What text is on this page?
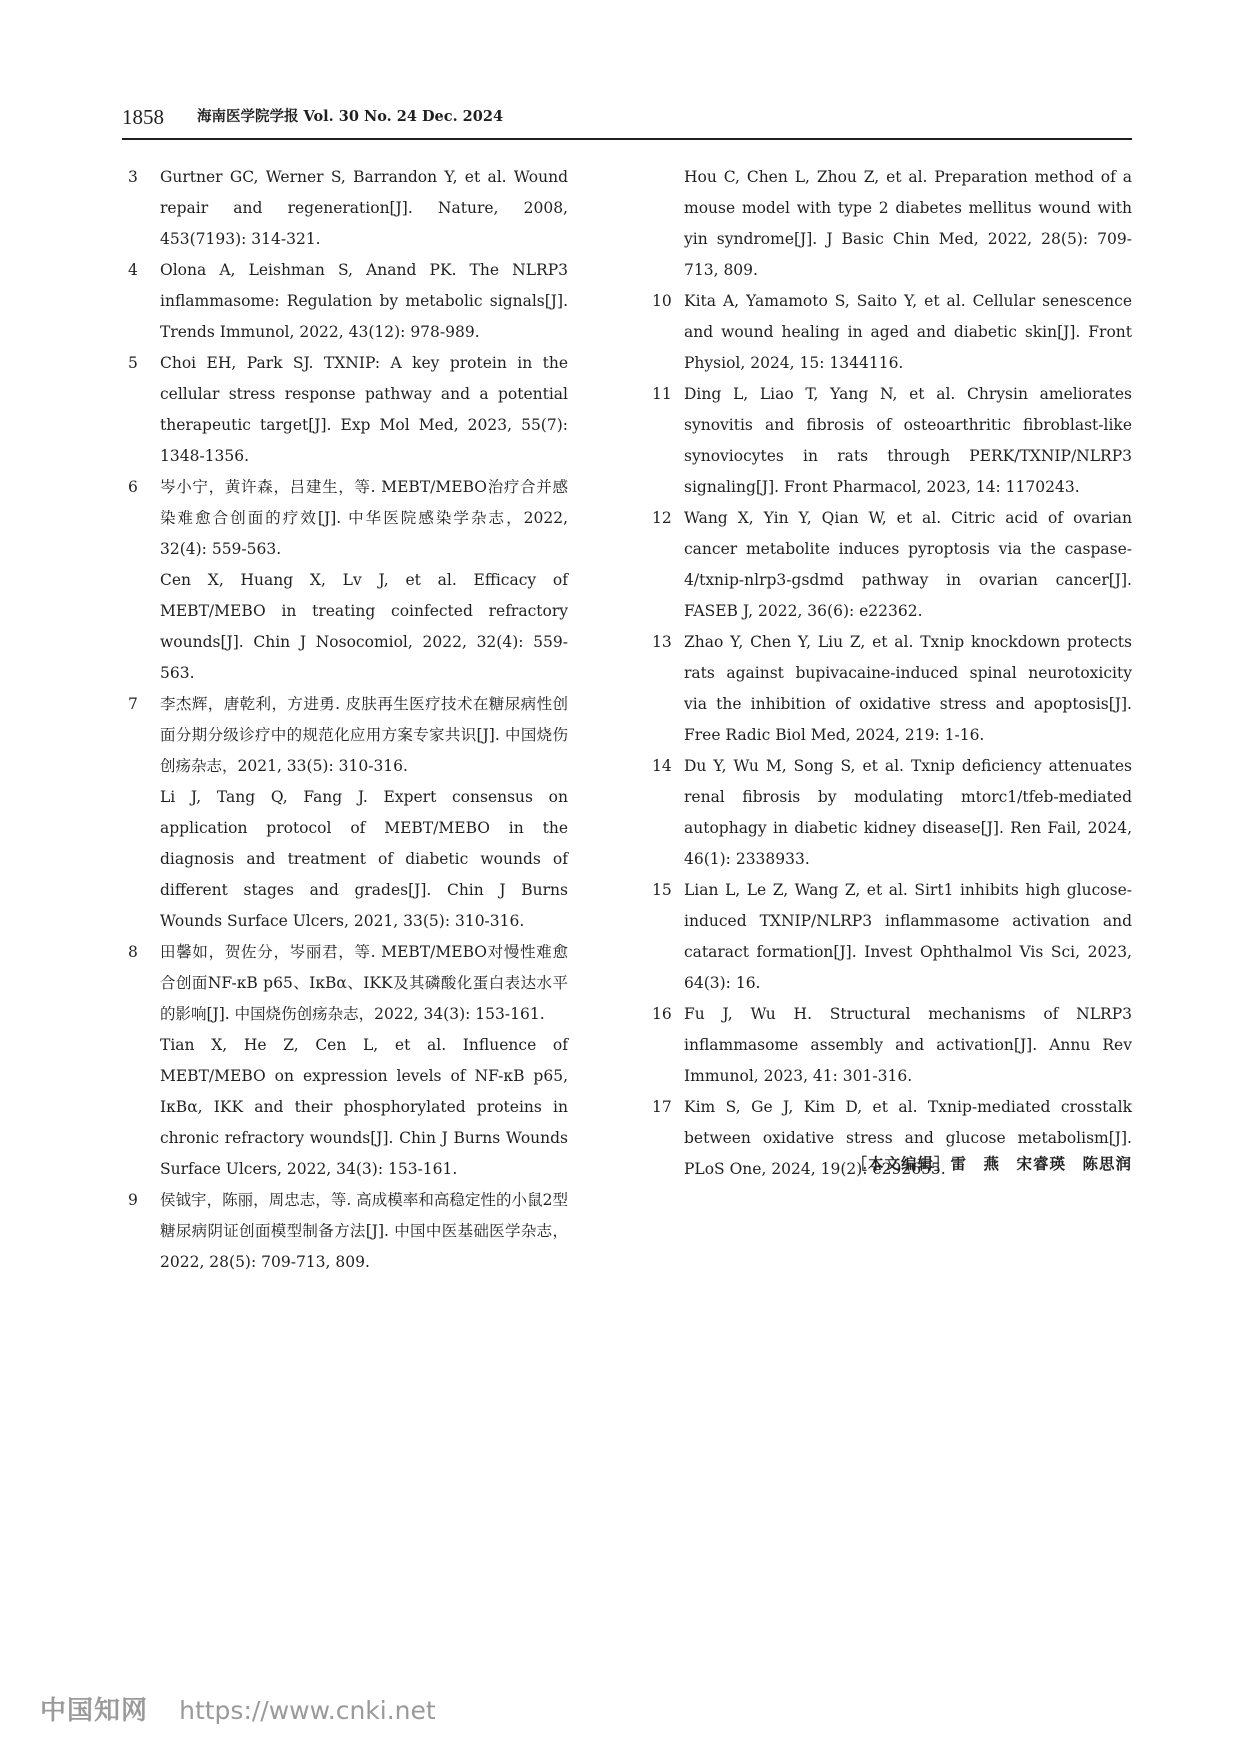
1858 海南医学院学报 Vol. 30 No. 24 Dec. 2024
3 Gurtner GC, Werner S, Barrandon Y, et al. Wound repair and regeneration[J]. Nature, 2008, 453(7193): 314-321.
4 Olona A, Leishman S, Anand PK. The NLRP3 inflammasome: Regulation by metabolic signals[J]. Trends Immunol, 2022, 43(12): 978-989.
5 Choi EH, Park SJ. TXNIP: A key protein in the cellular stress response pathway and a potential therapeutic target[J]. Exp Mol Med, 2023, 55(7): 1348-1356.
6 岑小宁，黄许森，吕建生，等. MEBT/MEBO治疗合并感染难愈合创面的疗效[J]. 中华医院感染学杂志，2022, 32(4): 559-563.
Cen X, Huang X, Lv J, et al. Efficacy of MEBT/MEBO in treating coinfected refractory wounds[J]. Chin J Nosocomiol, 2022, 32(4): 559-563.
7 李杰辉，唐乾利，方进勇. 皮肤再生医疗技术在糖尿病性创面分期分级诊疗中的规范化应用方案专家共识[J]. 中国烧伤创疡杂志，2021, 33(5): 310-316.
Li J, Tang Q, Fang J. Expert consensus on application protocol of MEBT/MEBO in the diagnosis and treatment of diabetic wounds of different stages and grades[J]. Chin J Burns Wounds Surface Ulcers, 2021, 33(5): 310-316.
8 田馨如，贺佐分，岑丽君，等. MEBT/MEBO对慢性难愈合创面NF-κB p65、IκBα、IKK及其磷酸化蛋白表达水平的影响[J]. 中国烧伤创疡杂志，2022, 34(3): 153-161.
Tian X, He Z, Cen L, et al. Influence of MEBT/MEBO on expression levels of NF-κB p65, IκBα, IKK and their phosphorylated proteins in chronic refractory wounds[J]. Chin J Burns Wounds Surface Ulcers, 2022, 34(3): 153-161.
9 侯钺宇，陈丽，周忠志，等. 高成模率和高稳定性的小鼠2型糖尿病阴证创面模型制备方法[J]. 中国中医基础医学杂志，2022, 28(5): 709-713, 809.
Hou C, Chen L, Zhou Z, et al. Preparation method of a mouse model with type 2 diabetes mellitus wound with yin syndrome[J]. J Basic Chin Med, 2022, 28(5): 709-713, 809.
10 Kita A, Yamamoto S, Saito Y, et al. Cellular senescence and wound healing in aged and diabetic skin[J]. Front Physiol, 2024, 15: 1344116.
11 Ding L, Liao T, Yang N, et al. Chrysin ameliorates synovitis and fibrosis of osteoarthritic fibroblast-like synoviocytes in rats through PERK/TXNIP/NLRP3 signaling[J]. Front Pharmacol, 2023, 14: 1170243.
12 Wang X, Yin Y, Qian W, et al. Citric acid of ovarian cancer metabolite induces pyroptosis via the caspase-4/txnip-nlrp3-gsdmd pathway in ovarian cancer[J]. FASEB J, 2022, 36(6): e22362.
13 Zhao Y, Chen Y, Liu Z, et al. Txnip knockdown protects rats against bupivacaine-induced spinal neurotoxicity via the inhibition of oxidative stress and apoptosis[J]. Free Radic Biol Med, 2024, 219: 1-16.
14 Du Y, Wu M, Song S, et al. Txnip deficiency attenuates renal fibrosis by modulating mtorc1/tfeb-mediated autophagy in diabetic kidney disease[J]. Ren Fail, 2024, 46(1): 2338933.
15 Lian L, Le Z, Wang Z, et al. Sirt1 inhibits high glucose-induced TXNIP/NLRP3 inflammasome activation and cataract formation[J]. Invest Ophthalmol Vis Sci, 2023, 64(3): 16.
16 Fu J, Wu H. Structural mechanisms of NLRP3 inflammasome assembly and activation[J]. Annu Rev Immunol, 2023, 41: 301-316.
17 Kim S, Ge J, Kim D, et al. Txnip-mediated crosstalk between oxidative stress and glucose metabolism[J]. PLoS One, 2024, 19(2): e292655.
［本文编辑］雷　燕　宋睿瑛　陈思润
中国知网 https://www.cnki.net
